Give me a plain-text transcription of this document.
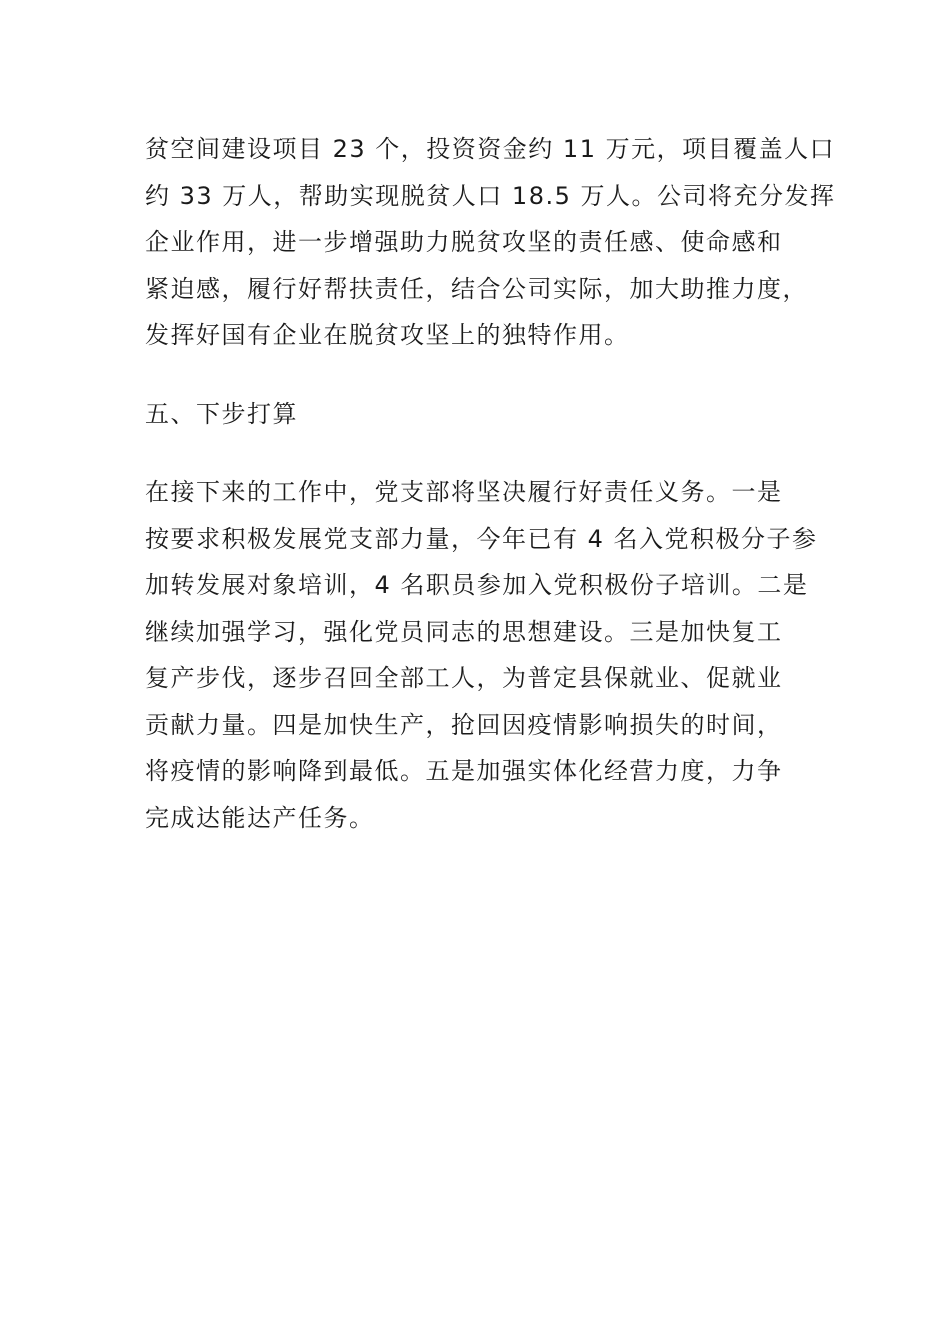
贫空间建设项目 23 个，投资资金约 11 万元，项目覆盖人口

约 33 万人，帮助实现脱贫人口 18.5 万人。公司将充分发挥

企业作用，进一步增强助力脱贫攻坚的责任感、使命感和

紧迫感，履行好帮扶责任，结合公司实际，加大助推力度，

发挥好国有企业在脱贫攻坚上的独特作用。

五、下步打算

在接下来的工作中，党支部将坚决履行好责任义务。一是

按要求积极发展党支部力量，今年已有 4 名入党积极分子参

加转发展对象培训，4 名职员参加入党积极份子培训。二是

继续加强学习，强化党员同志的思想建设。三是加快复工

复产步伐，逐步召回全部工人，为普定县保就业、促就业

贡献力量。四是加快生产，抢回因疫情影响损失的时间，

将疫情的影响降到最低。五是加强实体化经营力度，力争

完成达能达产任务。
